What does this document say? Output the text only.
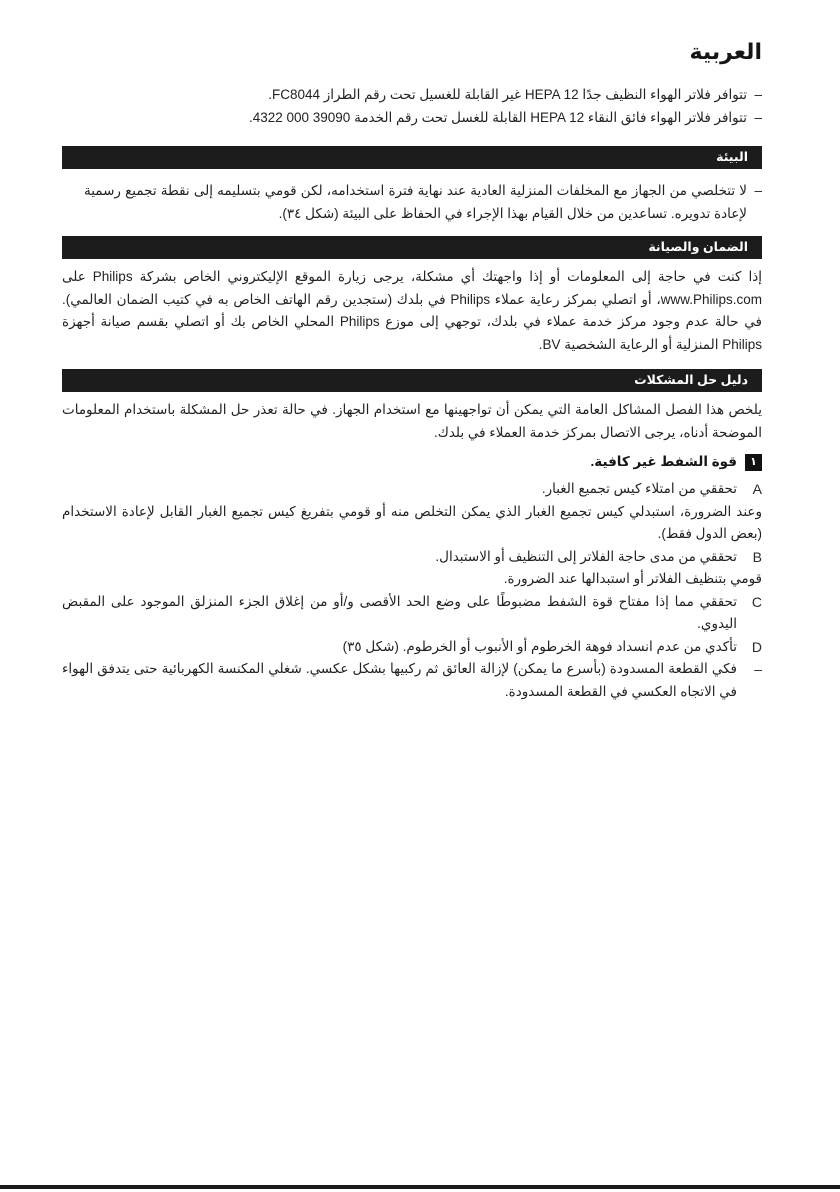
العربية
–
تتوافر فلاتر الهواء النظيف جدًا HEPA 12 غير القابلة للغسيل تحت رقم الطراز FC8044.
–
تتوافر فلاتر الهواء فائق النقاء HEPA 12 القابلة للغسل تحت رقم الخدمة ‪4322 000 39090‬.
البيئة
–
لا تتخلصي من الجهاز مع المخلفات المنزلية العادية عند نهاية فترة استخدامه، لكن قومي بتسليمه إلى نقطة تجميع رسمية لإعادة تدويره. تساعدين من خلال القيام بهذا الإجراء في الحفاظ على البيئة (شكل ٣٤).
الضمان والصيانة

إذا كنت في حاجة إلى المعلومات أو إذا واجهتك أي مشكلة، يرجى زيارة الموقع الإليكتروني الخاص بشركة Philips على www.Philips.com، أو اتصلي بمركز رعاية عملاء Philips في بلدك (ستجدين رقم الهاتف الخاص به في كتيب الضمان العالمي). في حالة عدم وجود مركز خدمة عملاء في بلدك، توجهي إلى موزع Philips المحلي الخاص بك أو اتصلي بقسم صيانة أجهزة Philips المنزلية أو الرعاية الشخصية BV.

دليل حل المشكلات

يلخص هذا الفصل المشاكل العامة التي يمكن أن تواجهينها مع استخدام الجهاز. في حالة تعذر حل المشكلة باستخدام المعلومات الموضحة أدناه، يرجى الاتصال بمركز خدمة العملاء في بلدك.

١
قوة الشفط غير كافية.
A
تحققي من امتلاء كيس تجميع الغبار.

وعند الضرورة، استبدلي كيس تجميع الغبار الذي يمكن التخلص منه أو قومي بتفريغ كيس تجميع الغبار القابل لإعادة الاستخدام (بعض الدول فقط).

B
تحققي من مدى حاجة الفلاتر إلى التنظيف أو الاستبدال.

قومي بتنظيف الفلاتر أو استبدالها عند الضرورة.

C
تحققي مما إذا مفتاح قوة الشفط مضبوطًا على وضع الحد الأقصى و/أو من إغلاق الجزء المنزلق الموجود على المقبض اليدوي.
D
تأكدي من عدم انسداد فوهة الخرطوم أو الأنبوب أو الخرطوم. (شكل ٣٥)
–
فكي القطعة المسدودة (بأسرع ما يمكن) لإزالة العائق ثم ركبيها بشكل عكسي. شغلي المكنسة الكهربائية حتى يتدفق الهواء في الاتجاه العكسي في القطعة المسدودة.
